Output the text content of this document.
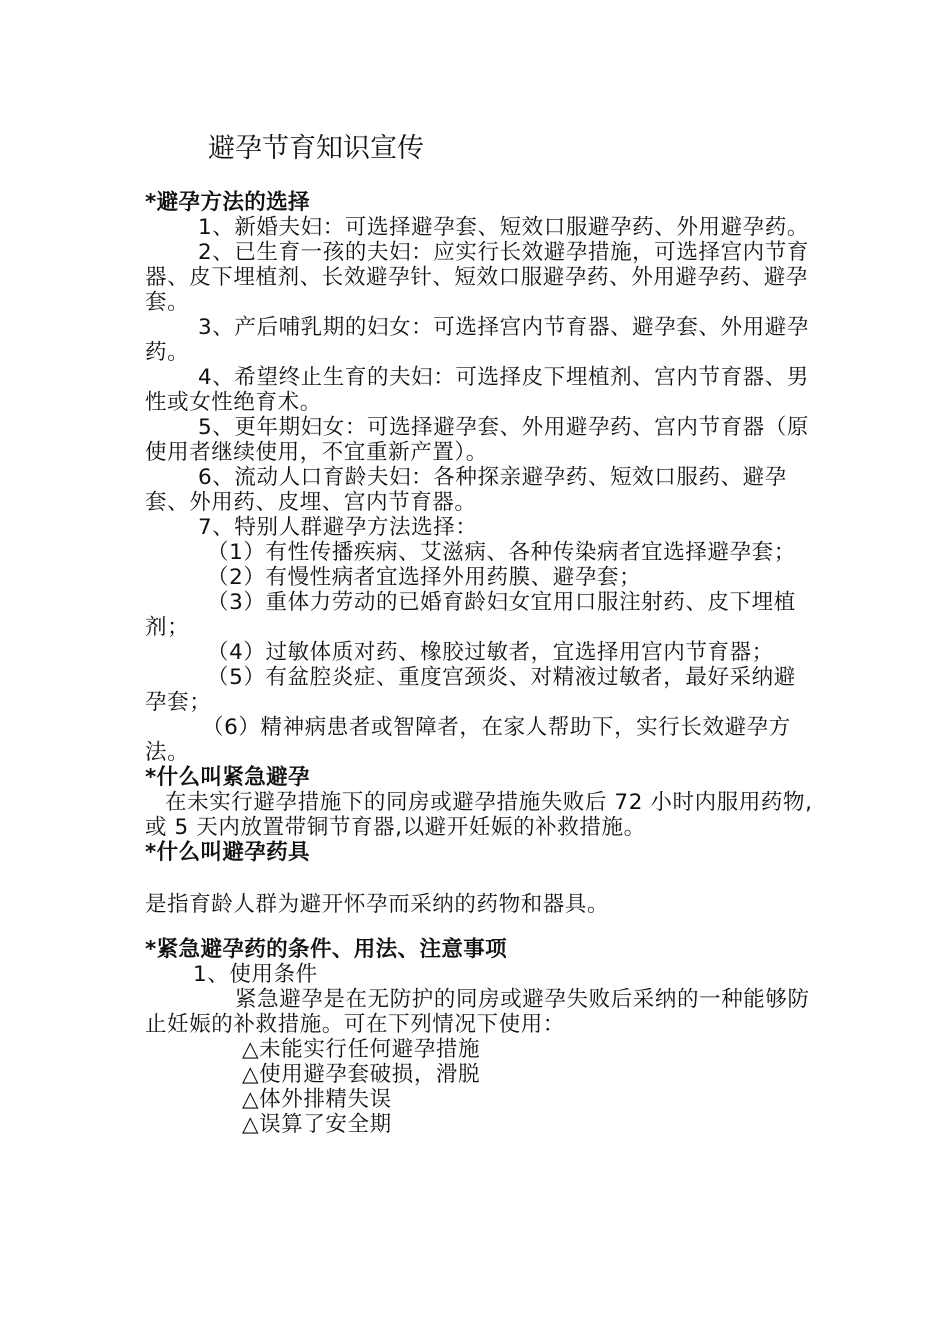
避孕节育知识宣传

*避孕方法的选择

1、新婚夫妇：可选择避孕套、短效口服避孕药、外用避孕药。

2、已生育一孩的夫妇：应实行长效避孕措施，可选择宫内节育器、皮下埋植剂、长效避孕针、短效口服避孕药、外用避孕药、避孕套。

3、产后哺乳期的妇女：可选择宫内节育器、避孕套、外用避孕药。

4、希望终止生育的夫妇：可选择皮下埋植剂、宫内节育器、男性或女性绝育术。

5、更年期妇女：可选择避孕套、外用避孕药、宫内节育器（原使用者继续使用，不宜重新产置）。

6、流动人口育龄夫妇：各种探亲避孕药、短效口服药、避孕套、外用药、皮埋、宫内节育器。

7、特别人群避孕方法选择：

（1）有性传播疾病、艾滋病、各种传染病者宜选择避孕套；

（2）有慢性病者宜选择外用药膜、避孕套；

（3）重体力劳动的已婚育龄妇女宜用口服注射药、皮下埋植剂；

（4）过敏体质对药、橡胶过敏者，宜选择用宫内节育器；

（5）有盆腔炎症、重度宫颈炎、对精液过敏者，最好采纳避孕套；

（6）精神病患者或智障者，在家人帮助下，实行长效避孕方法。

*什么叫紧急避孕

在未实行避孕措施下的同房或避孕措施失败后 72 小时内服用药物,或 5 天内放置带铜节育器,以避开妊娠的补救措施。

*什么叫避孕药具

是指育龄人群为避开怀孕而采纳的药物和器具。

*紧急避孕药的条件、用法、注意事项

1、使用条件

紧急避孕是在无防护的同房或避孕失败后采纳的一种能够防止妊娠的补救措施。可在下列情况下使用：

△未能实行任何避孕措施

△使用避孕套破损，滑脱

△体外排精失误

△误算了安全期
